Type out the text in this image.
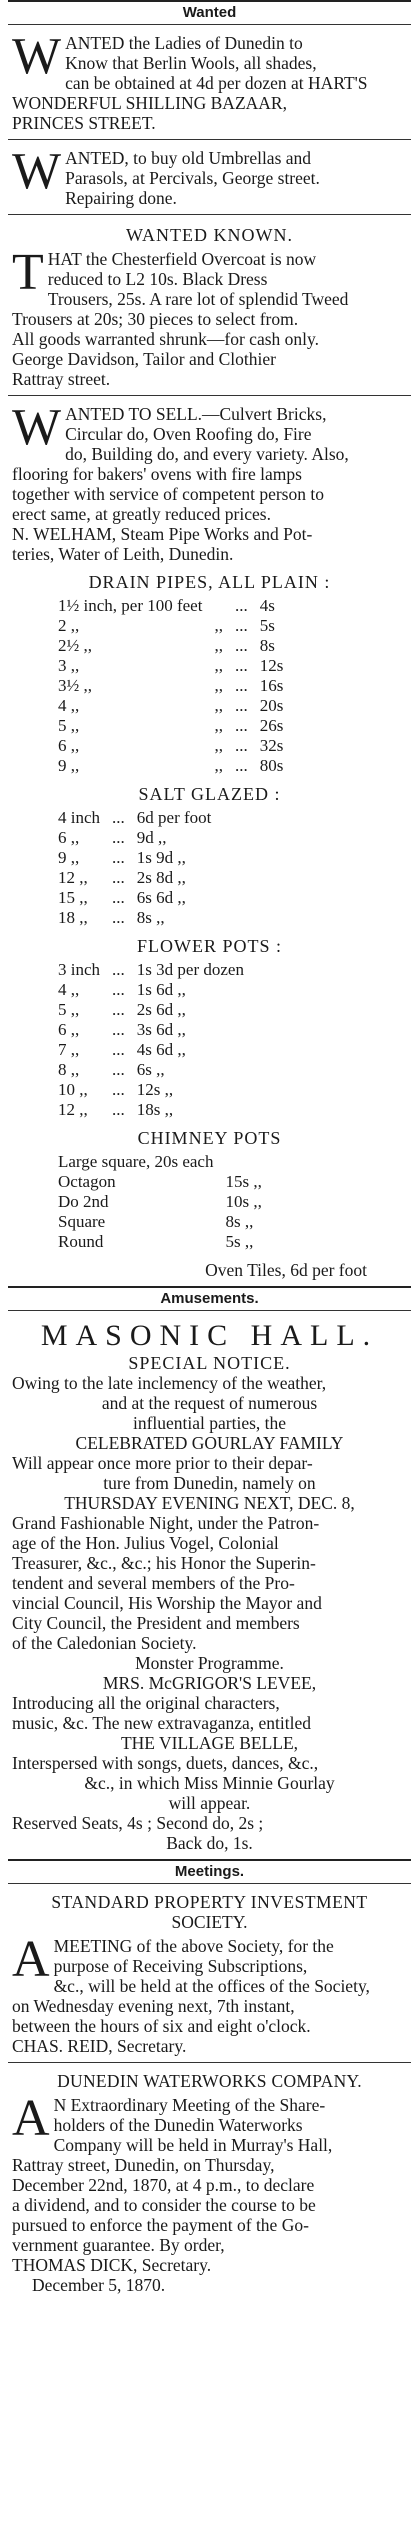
Wanted
W ANTED the Ladies of Dunedin to

Know that Berlin Wools, all shades,

can be obtained at 4d per dozen at HART'S

WONDERFUL SHILLING BAZAAR,

PRINCES STREET.

W ANTED, to buy old Umbrellas and

Parasols, at Percivals, George street.

Repairing done.

WANTED KNOWN.
T HAT the Chesterfield Overcoat is now

reduced to L2 10s. Black Dress

Trousers, 25s. A rare lot of splendid Tweed

Trousers at 20s; 30 pieces to select from.

All goods warranted shrunk—for cash only.

George Davidson, Tailor and Clothier

Rattray street.

W ANTED TO SELL.—Culvert Bricks,

Circular do, Oven Roofing do, Fire

do, Building do, and every variety. Also,

flooring for bakers' ovens with fire lamps

together with service of competent person to

erect same, at greatly reduced prices.

N. WELHAM, Steam Pipe Works and Pot-

teries, Water of Leith, Dunedin.

DRAIN PIPES, ALL PLAIN :
1½ inch, per 100 feet		...	4s
2 ,,	,,	...	5s
2½ ,,	,,	...	8s
3 ,,	,,	...	12s
3½ ,,	,,	...	16s
4 ,,	,,	...	20s
5 ,,	,,	...	26s
6 ,,	,,	...	32s
9 ,,	,,	...	80s
SALT GLAZED :
4 inch	...	6d per foot
6 ,,	...	9d ,,
9 ,,	...	1s 9d ,,
12 ,,	...	2s 8d ,,
15 ,,	...	6s 6d ,,
18 ,,	...	8s ,,
FLOWER POTS :
3 inch	...	1s 3d per dozen
4 ,,	...	1s 6d ,,
5 ,,	...	2s 6d ,,
6 ,,	...	3s 6d ,,
7 ,,	...	4s 6d ,,
8 ,,	...	6s ,,
10 ,,	...	12s ,,
12 ,,	...	18s ,,
CHIMNEY POTS
Large square, 20s each	
Octagon	15s ,,
Do 2nd	10s ,,
Square	8s ,,
Round	5s ,,

Oven Tiles, 6d per foot

Amusements.
MASONIC HALL.
SPECIAL NOTICE.

Owing to the late inclemency of the weather,

and at the request of numerous

influential parties, the

CELEBRATED GOURLAY FAMILY

Will appear once more prior to their depar-

ture from Dunedin, namely on

THURSDAY EVENING NEXT, DEC. 8,

Grand Fashionable Night, under the Patron-

age of the Hon. Julius Vogel, Colonial

Treasurer, &c., &c.; his Honor the Superin-

tendent and several members of the Pro-

vincial Council, His Worship the Mayor and

City Council, the President and members

of the Caledonian Society.

Monster Programme.

MRS. McGRIGOR'S LEVEE,

Introducing all the original characters,

music, &c. The new extravaganza, entitled

THE VILLAGE BELLE,

Interspersed with songs, duets, dances, &c.,

&c., in which Miss Minnie Gourlay

will appear.

Reserved Seats, 4s ; Second do, 2s ;

Back do, 1s.

Meetings.
STANDARD PROPERTY INVESTMENT
SOCIETY.
A MEETING of the above Society, for the

purpose of Receiving Subscriptions,

&c., will be held at the offices of the Society,

on Wednesday evening next, 7th instant,

between the hours of six and eight o'clock.

CHAS. REID, Secretary.

DUNEDIN WATERWORKS COMPANY.
A N Extraordinary Meeting of the Share-

holders of the Dunedin Waterworks

Company will be held in Murray's Hall,

Rattray street, Dunedin, on Thursday,

December 22nd, 1870, at 4 p.m., to declare

a dividend, and to consider the course to be

pursued to enforce the payment of the Go-

vernment guarantee. By order,

THOMAS DICK, Secretary.

December 5, 1870.
